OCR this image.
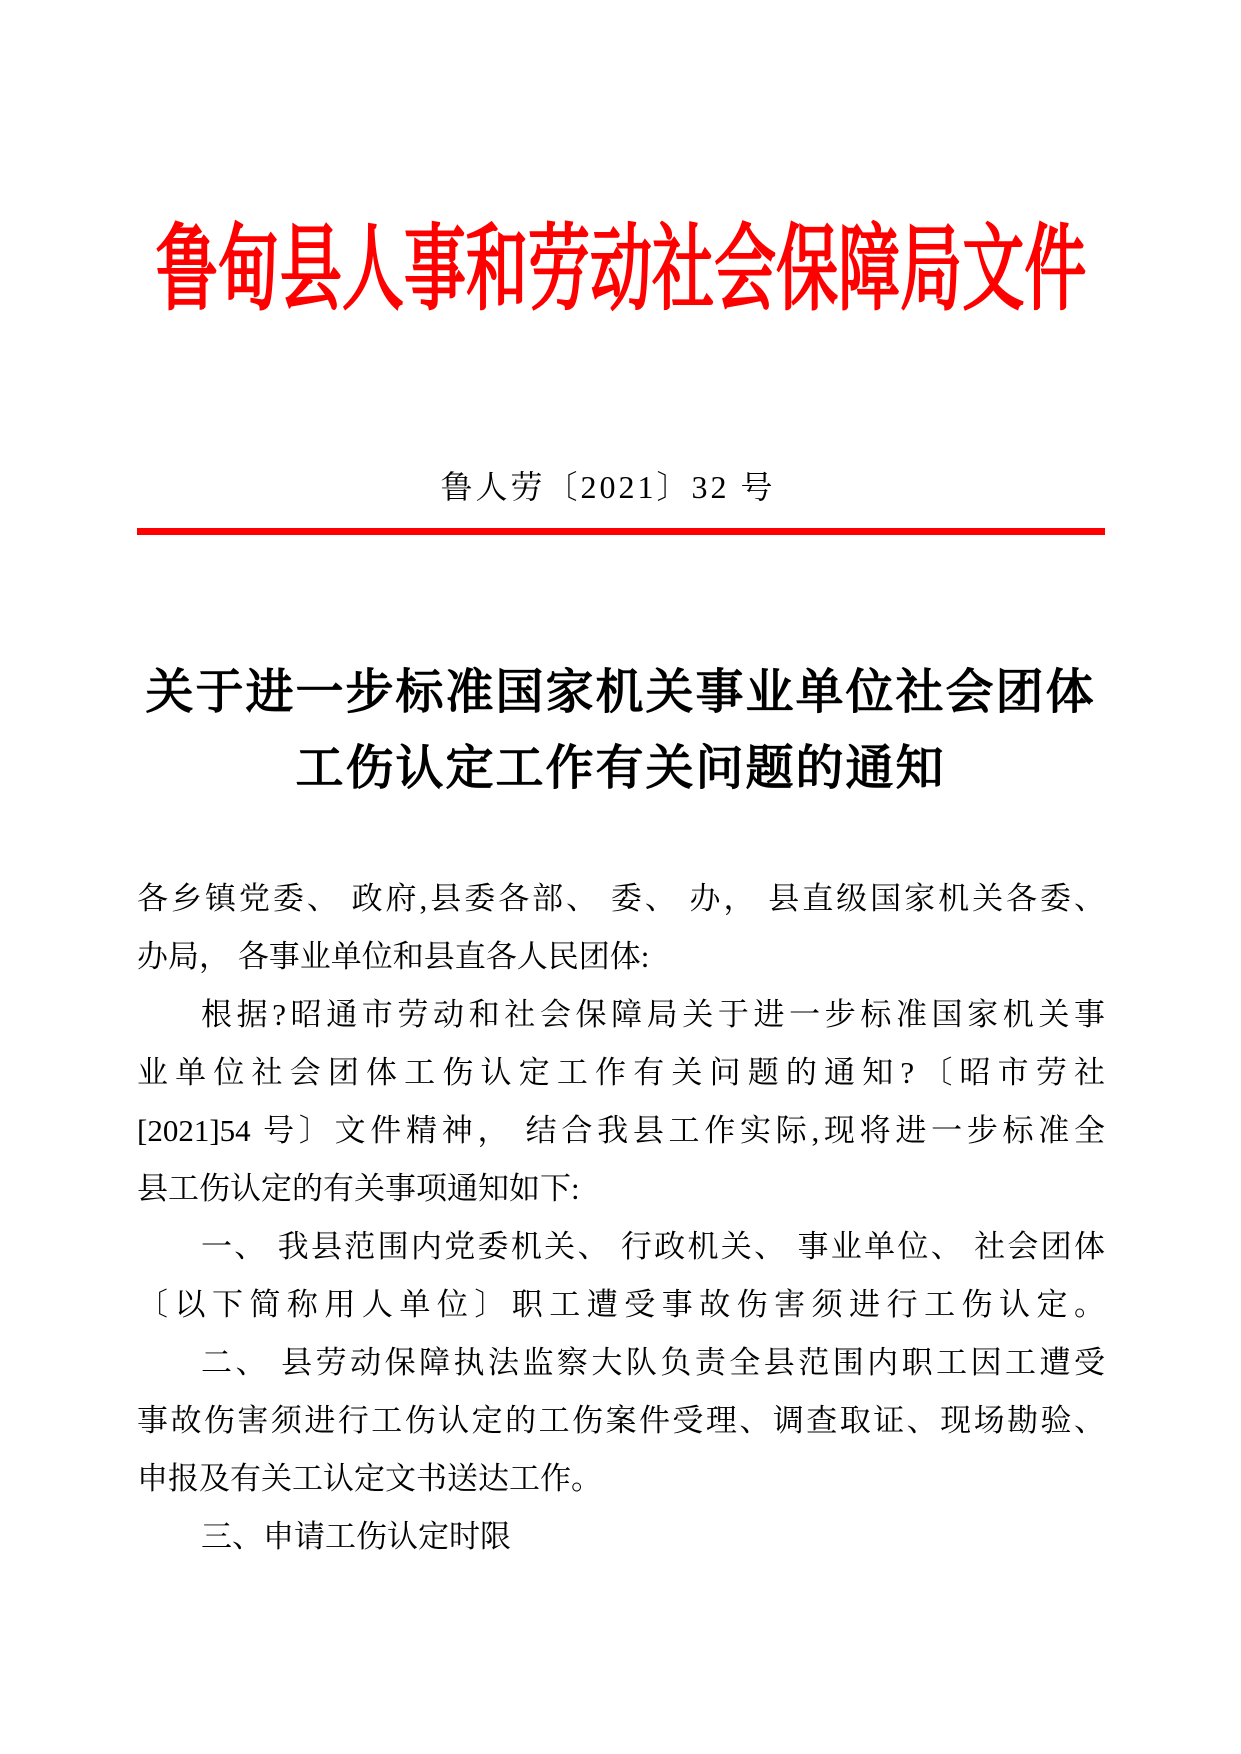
鲁甸县人事和劳动社会保障局文件
鲁人劳〔2021〕32 号
关于进一步标准国家机关事业单位社会团体
工伤认定工作有关问题的通知
各乡镇党委、 政府,县委各部、 委、 办， 县直级国家机关各委、
办局， 各事业单位和县直各人民团体:
根据?昭通市劳动和社会保障局关于进一步标准国家机关事
业单位社会团体工伤认定工作有关问题的通知?〔昭市劳社
[2021]54 号〕文件精神， 结合我县工作实际,现将进一步标准全
县工伤认定的有关事项通知如下:
一、 我县范围内党委机关、 行政机关、 事业单位、 社会团体
〔以下简称用人单位〕职工遭受事故伤害须进行工伤认定。
二、 县劳动保障执法监察大队负责全县范围内职工因工遭受
事故伤害须进行工伤认定的工伤案件受理、调查取证、现场勘验、
申报及有关工认定文书送达工作。
三、申请工伤认定时限
